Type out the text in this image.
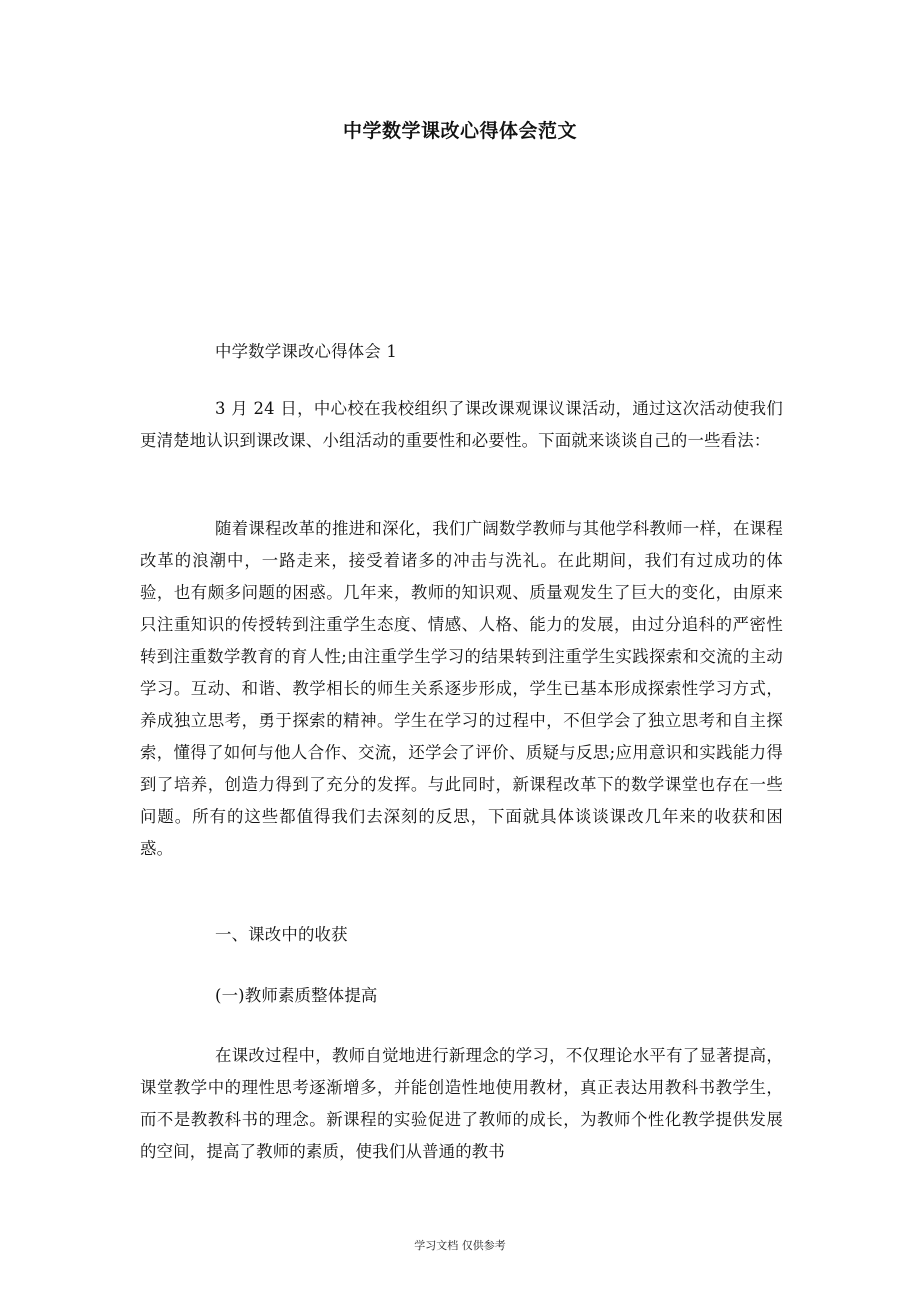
中学数学课改心得体会范文
中学数学课改心得体会 1

3 月 24 日，中心校在我校组织了课改课观课议课活动，通过这次活动使我们更清楚地认识到课改课、小组活动的重要性和必要性。下面就来谈谈自己的一些看法：

随着课程改革的推进和深化，我们广阔数学教师与其他学科教师一样，在课程改革的浪潮中，一路走来，接受着诸多的冲击与洗礼。在此期间，我们有过成功的体验，也有颇多问题的困惑。几年来，教师的知识观、质量观发生了巨大的变化，由原来只注重知识的传授转到注重学生态度、情感、人格、能力的发展，由过分追科的严密性转到注重数学教育的育人性;由注重学生学习的结果转到注重学生实践探索和交流的主动学习。互动、和谐、教学相长的师生关系逐步形成，学生已基本形成探索性学习方式，养成独立思考，勇于探索的精神。学生在学习的过程中，不但学会了独立思考和自主探索，懂得了如何与他人合作、交流，还学会了评价、质疑与反思;应用意识和实践能力得到了培养，创造力得到了充分的发挥。与此同时，新课程改革下的数学课堂也存在一些问题。所有的这些都值得我们去深刻的反思，下面就具体谈谈课改几年来的收获和困惑。

一、课改中的收获
(一)教师素质整体提高

在课改过程中，教师自觉地进行新理念的学习，不仅理论水平有了显著提高，课堂教学中的理性思考逐渐增多，并能创造性地使用教材，真正表达用教科书教学生，而不是教教科书的理念。新课程的实验促进了教师的成长，为教师个性化教学提供发展的空间，提高了教师的素质，使我们从普通的教书

学习文档 仅供参考
